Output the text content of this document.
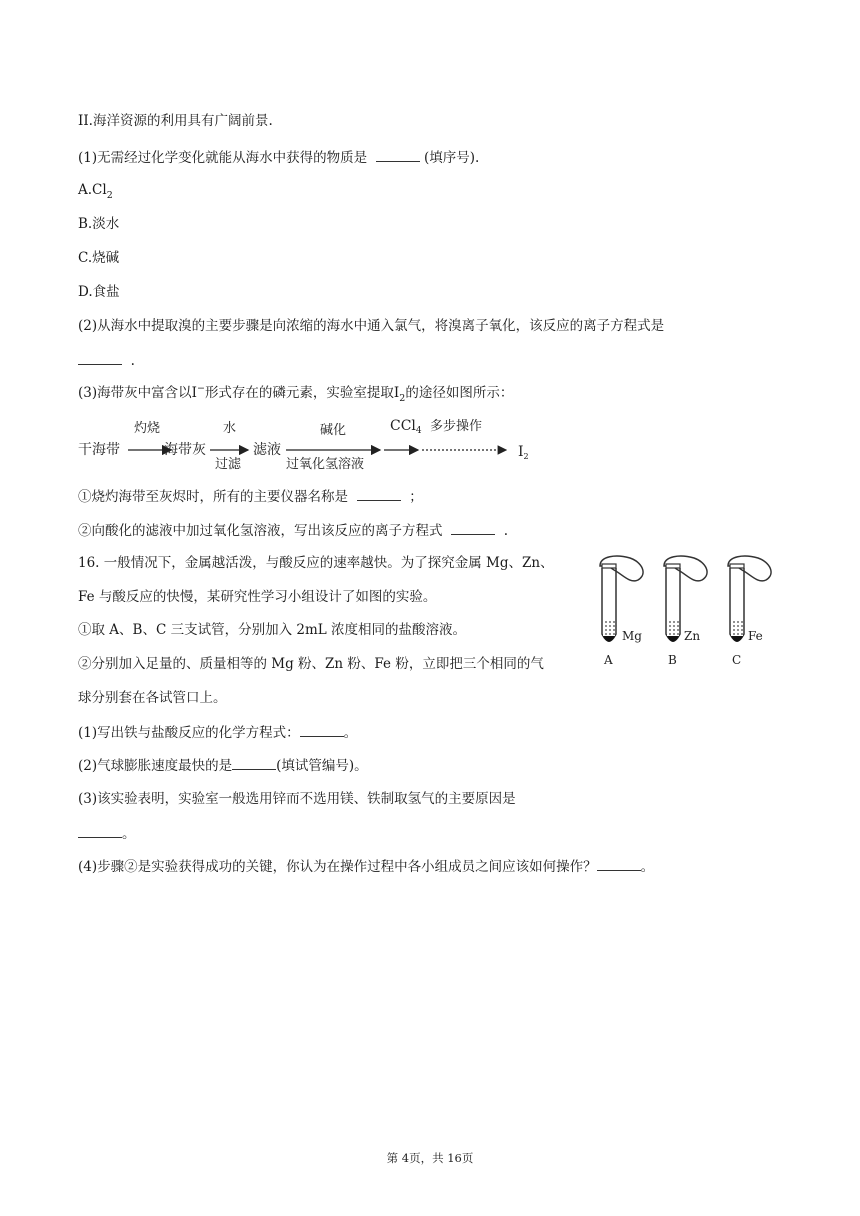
II.海洋资源的利用具有广阔前景.
(1)无需经过化学变化就能从海水中获得的物质是	(填序号).
$A.Cl_2$
B.淡水
C.烧碱
D.食盐
(2)从海水中提取溴的主要步骤是向浓缩的海水中通入氯气，将溴离子氧化，该反应的离子方程式是
.
(3)海带灰中富含以I−形式存在的磷元素，实验室提取$I_2$的途径如图所示：
干海带
灼烧
海带灰
水
过滤
滤液
碱化
过氧化氢溶液
CCl$_4$ 多步操作
$I_2$
①烧灼海带至灰烬时，所有的主要仪器名称是	；
②向酸化的滤液中加过氧化氢溶液，写出该反应的离子方程式	.
16. 一般情况下，金属越活泼，与酸反应的速率越快。为了探究金属 Mg、Zn、
Fe 与酸反应的快慢，某研究性学习小组设计了如图的实验。
①取 A、B、C 三支试管，分别加入 2mL 浓度相同的盐酸溶液。
②分别加入足量的、质量相等的 Mg 粉、Zn 粉、Fe 粉，立即把三个相同的气
球分别套在各试管口上。
Mg
A
Zn
B
Fe
C
(1)写出铁与盐酸反应的化学方程式：	。
(2)气球膨胀速度最快的是	(填试管编号)。
(3)该实验表明，实验室一般选用锌而不选用镁、铁制取氢气的主要原因是
。
(4)步骤②是实验获得成功的关键，你认为在操作过程中各小组成员之间应该如何操作？	。
第 4页，共 16页
